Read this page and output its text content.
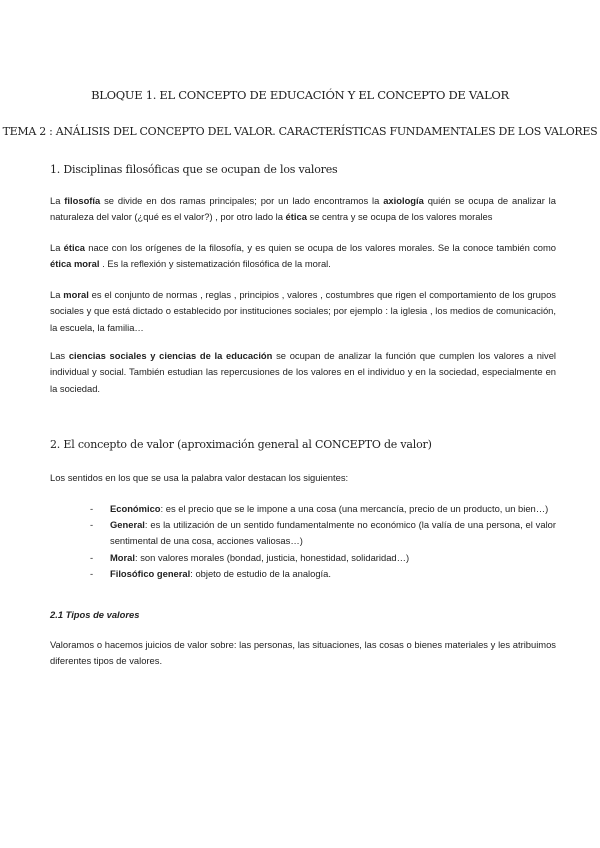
BLOQUE 1. EL CONCEPTO DE EDUCACIÓN Y EL CONCEPTO DE VALOR
TEMA 2 : ANÁLISIS DEL CONCEPTO DEL VALOR. CARACTERÍSTICAS FUNDAMENTALES DE LOS VALORES
1. Disciplinas filosóficas que se ocupan de los valores

La filosofía se divide en dos ramas principales; por un lado encontramos la axiología quién se ocupa de analizar la naturaleza del valor (¿qué es el valor?) , por otro lado la ética se centra y se ocupa de los valores morales

La ética nace con los orígenes de la filosofía, y es quien se ocupa de los valores morales. Se la conoce también como ética moral . Es la reflexión y sistematización filosófica de la moral.

La moral es el conjunto de normas , reglas , principios , valores , costumbres que rigen el comportamiento de los grupos sociales y que está dictado o establecido por instituciones sociales; por ejemplo : la iglesia , los medios de comunicación, la escuela, la familia…

Las ciencias sociales y ciencias de la educación se ocupan de analizar la función que cumplen los valores a nivel individual y social. También estudian las repercusiones de los valores en el individuo y en la sociedad, especialmente en la sociedad.

2. El concepto de valor (aproximación general al CONCEPTO de valor)

Los sentidos en los que se usa la palabra valor destacan los siguientes:

- Económico: es el precio que se le impone a una cosa (una mercancía, precio de un producto, un bien…)
- General: es la utilización de un sentido fundamentalmente no económico (la valía de una persona, el valor sentimental de una cosa, acciones valiosas…)
- Moral: son valores morales (bondad, justicia, honestidad, solidaridad…)
- Filosófico general: objeto de estudio de la analogía.
2.1 Tipos de valores

Valoramos o hacemos juicios de valor sobre: las personas, las situaciones, las cosas o bienes materiales y les atribuimos diferentes tipos de valores.
